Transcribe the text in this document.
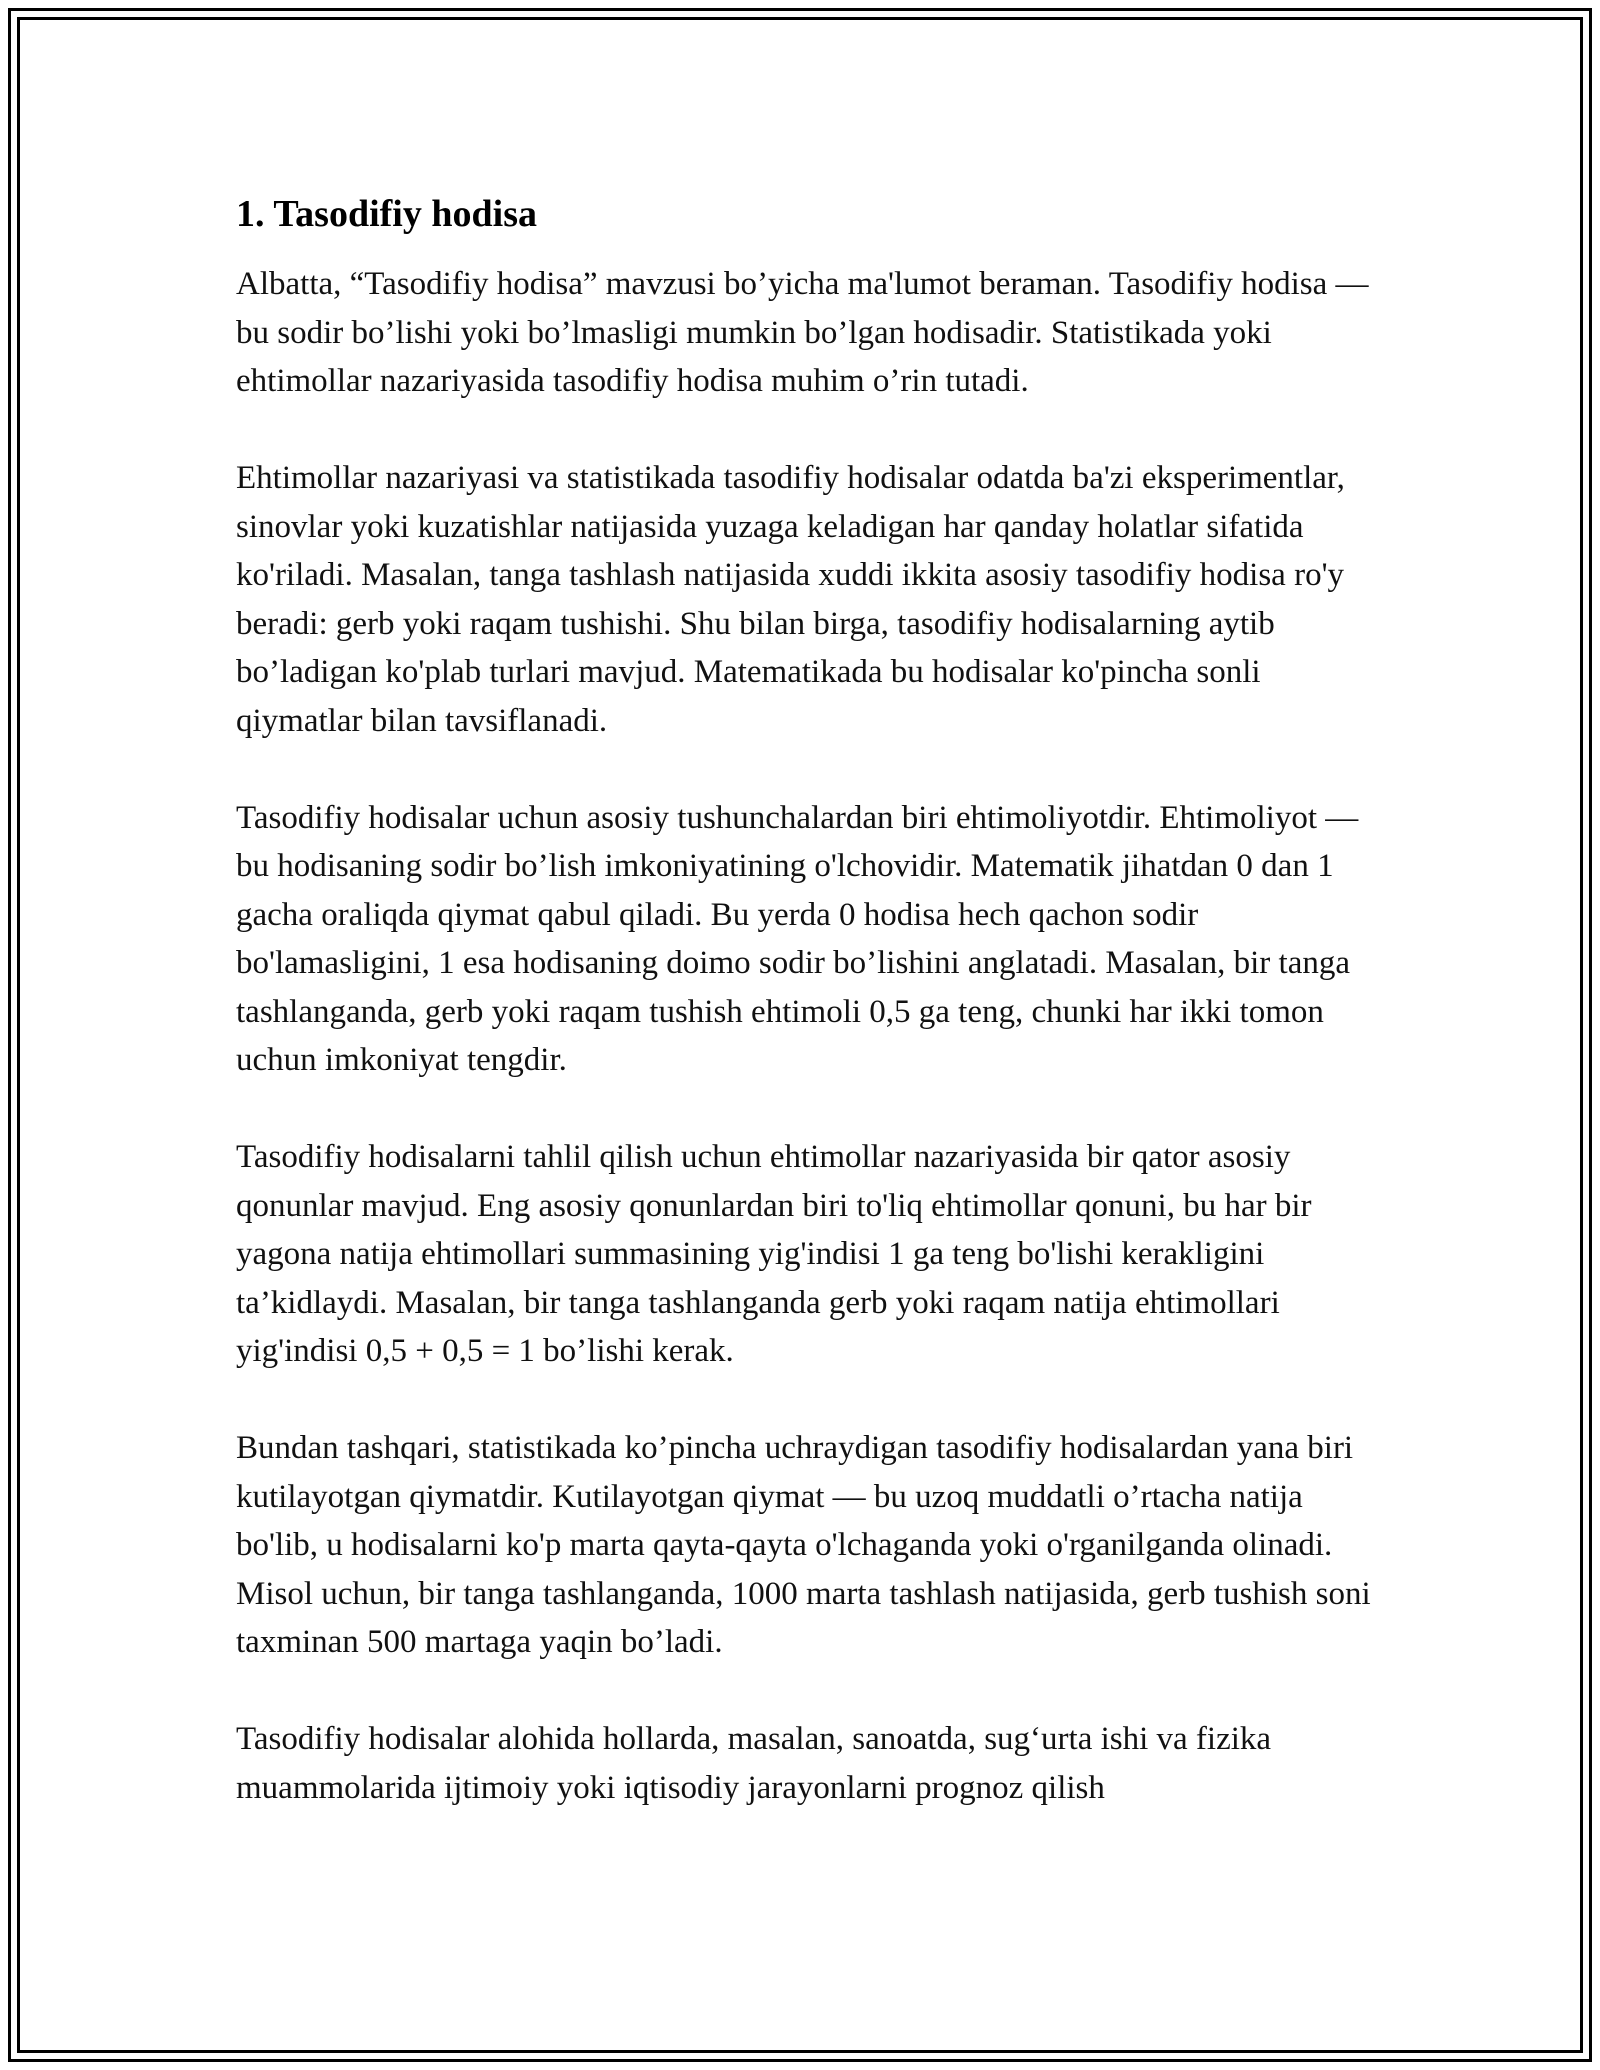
1. Tasodifiy hodisa

Albatta, “Tasodifiy hodisa” mavzusi bo’yicha ma'lumot beraman. Tasodifiy hodisa — bu sodir bo’lishi yoki bo’lmasligi mumkin bo’lgan hodisadir. Statistikada yoki ehtimollar nazariyasida tasodifiy hodisa muhim o’rin tutadi.

Ehtimollar nazariyasi va statistikada tasodifiy hodisalar odatda ba'zi eksperimentlar, sinovlar yoki kuzatishlar natijasida yuzaga keladigan har qanday holatlar sifatida ko'riladi. Masalan, tanga tashlash natijasida xuddi ikkita asosiy tasodifiy hodisa ro'y beradi: gerb yoki raqam tushishi. Shu bilan birga, tasodifiy hodisalarning aytib bo’ladigan ko'plab turlari mavjud. Matematikada bu hodisalar ko'pincha sonli qiymatlar bilan tavsiflanadi.

Tasodifiy hodisalar uchun asosiy tushunchalardan biri ehtimoliyotdir. Ehtimoliyot — bu hodisaning sodir bo’lish imkoniyatining o'lchovidir. Matematik jihatdan 0 dan 1 gacha oraliqda qiymat qabul qiladi. Bu yerda 0 hodisa hech qachon sodir bo'lamasligini, 1 esa hodisaning doimo sodir bo’lishini anglatadi. Masalan, bir tanga tashlanganda, gerb yoki raqam tushish ehtimoli 0,5 ga teng, chunki har ikki tomon uchun imkoniyat tengdir.

Tasodifiy hodisalarni tahlil qilish uchun ehtimollar nazariyasida bir qator asosiy qonunlar mavjud. Eng asosiy qonunlardan biri to'liq ehtimollar qonuni, bu har bir yagona natija ehtimollari summasining yig'indisi 1 ga teng bo'lishi kerakligini ta’kidlaydi. Masalan, bir tanga tashlanganda gerb yoki raqam natija ehtimollari yig'indisi 0,5 + 0,5 = 1 bo’lishi kerak.

Bundan tashqari, statistikada ko’pincha uchraydigan tasodifiy hodisalardan yana biri kutilayotgan qiymatdir. Kutilayotgan qiymat — bu uzoq muddatli o’rtacha natija bo'lib, u hodisalarni ko'p marta qayta-qayta o'lchaganda yoki o'rganilganda olinadi. Misol uchun, bir tanga tashlanganda, 1000 marta tashlash natijasida, gerb tushish soni taxminan 500 martaga yaqin bo’ladi.

Tasodifiy hodisalar alohida hollarda, masalan, sanoatda, sug‘urta ishi va fizika muammolarida ijtimoiy yoki iqtisodiy jarayonlarni prognoz qilish
